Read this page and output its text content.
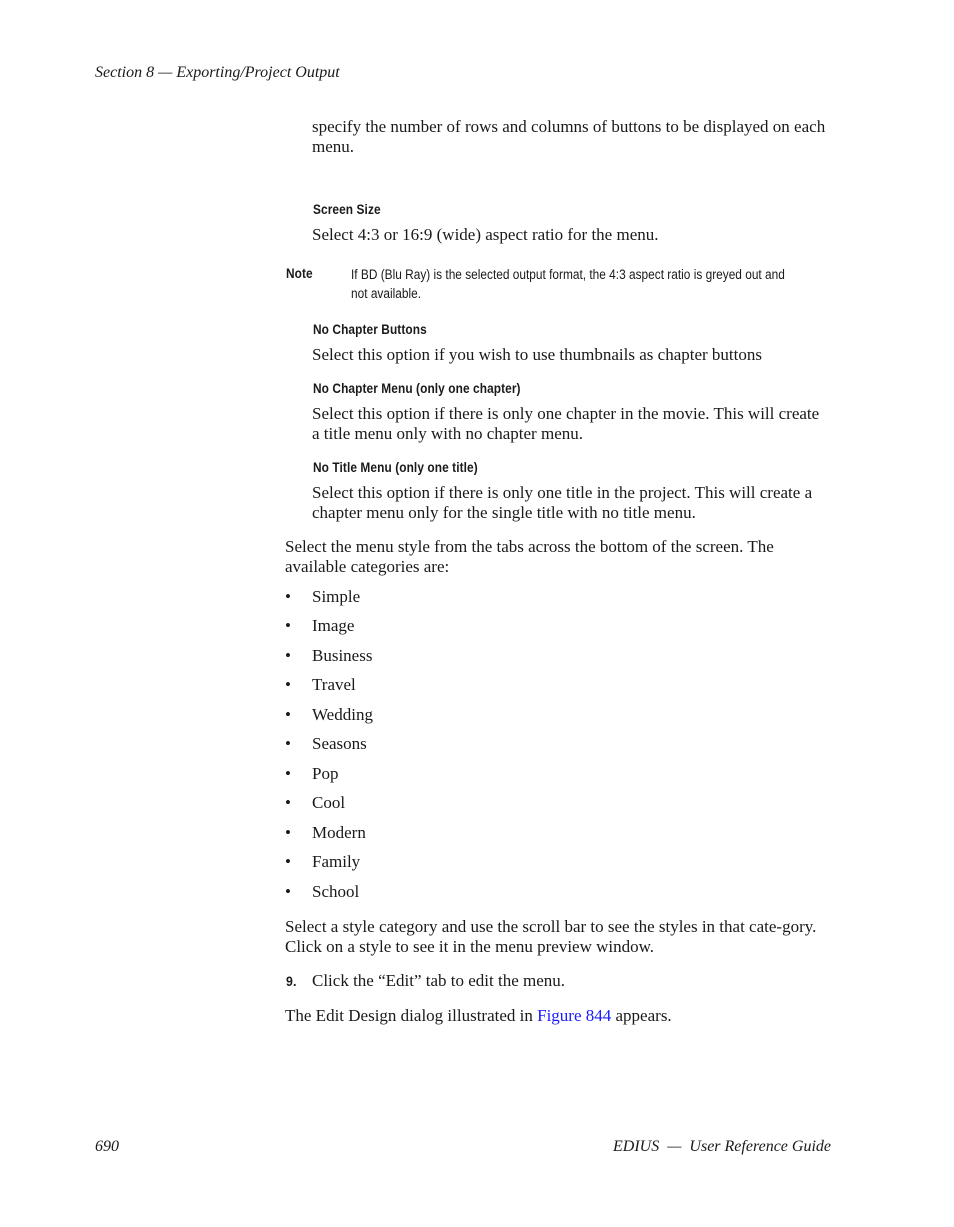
Section 8 — Exporting/Project Output
specify the number of rows and columns of buttons to be displayed on each menu.
Screen Size
Select 4:3 or 16:9 (wide) aspect ratio for the menu.
Note	If BD (Blu Ray) is the selected output format, the 4:3 aspect ratio is greyed out and not available.
No Chapter Buttons
Select this option if you wish to use thumbnails as chapter buttons
No Chapter Menu (only one chapter)
Select this option if there is only one chapter in the movie. This will create a title menu only with no chapter menu.
No Title Menu (only one title)
Select this option if there is only one title in the project. This will create a chapter menu only for the single title with no title menu.
Select the menu style from the tabs across the bottom of the screen. The available categories are:
•	Simple
•	Image
•	Business
•	Travel
•	Wedding
•	Seasons
•	Pop
•	Cool
•	Modern
•	Family
•	School
Select a style category and use the scroll bar to see the styles in that cate-gory. Click on a style to see it in the menu preview window.
9. Click the “Edit” tab to edit the menu.
The Edit Design dialog illustrated in Figure 844 appears.
690	EDIUS  —  User Reference Guide
